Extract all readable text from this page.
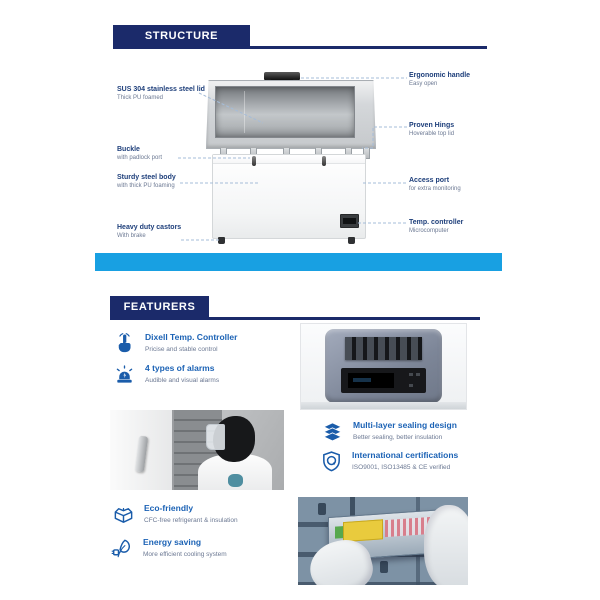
STRUCTURE
SUS 304 stainless steel lid
Thick PU foamed
Buckle
with padlock port
Sturdy steel body
with thick PU foaming
Heavy duty castors
With brake
Ergonomic handle
Easy open
Proven Hings
Hoverable top lid
Access port
for extra monitoring
Temp. controller
Microcomputer
FEATURERS
Dixell Temp. Controller
Pricise and stable control
4 types of alarms
Audible and visual alarms
Multi-layer sealing design
Better sealing, better insulation
International certifications
ISO9001, ISO13485 & CE verified
Eco-friendly
CFC-free refrigerant & insulation
Energy saving
More efficient cooling system
